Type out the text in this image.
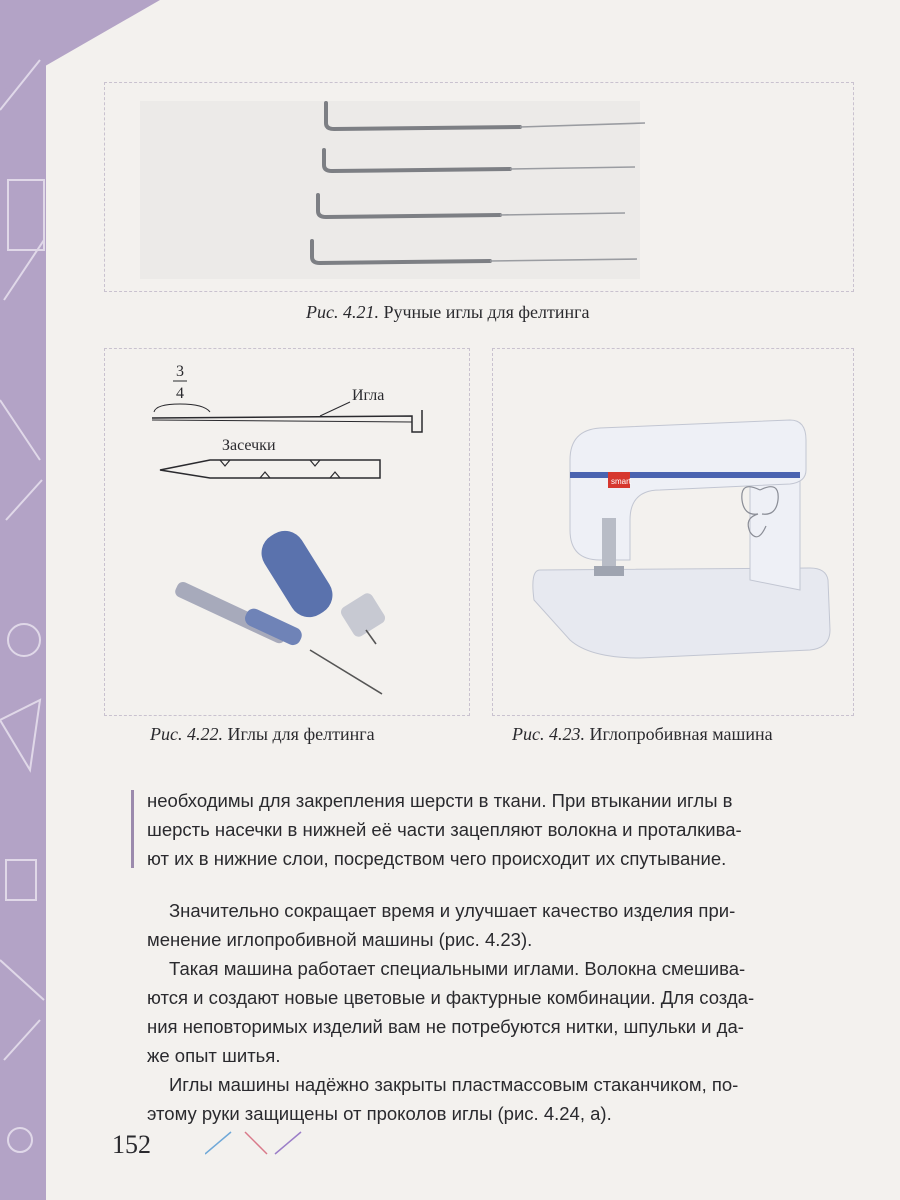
Рис. 4.21. Ручные иглы для фелтинга
3
4	Игла
Засечки
Рис. 4.22. Иглы для фелтинга
smart
Рис. 4.23. Иглопробивная машина
необходимы для закрепления шерсти в ткани. При втыкании иглы в
шерсть насечки в нижней её части зацепляют волокна и проталкива-
ют их в нижние слои, посредством чего происходит их спутывание.
Значительно сокращает время и улучшает качество изделия при-
менение иглопробивной машины (рис. 4.23).
Такая машина работает специальными иглами. Волокна смешива-
ются и создают новые цветовые и фактурные комбинации. Для созда-
ния неповторимых изделий вам не потребуются нитки, шпульки и да-
же опыт шитья.
Иглы машины надёжно закрыты пластмассовым стаканчиком, по-
этому руки защищены от проколов иглы (рис. 4.24, а).
152
